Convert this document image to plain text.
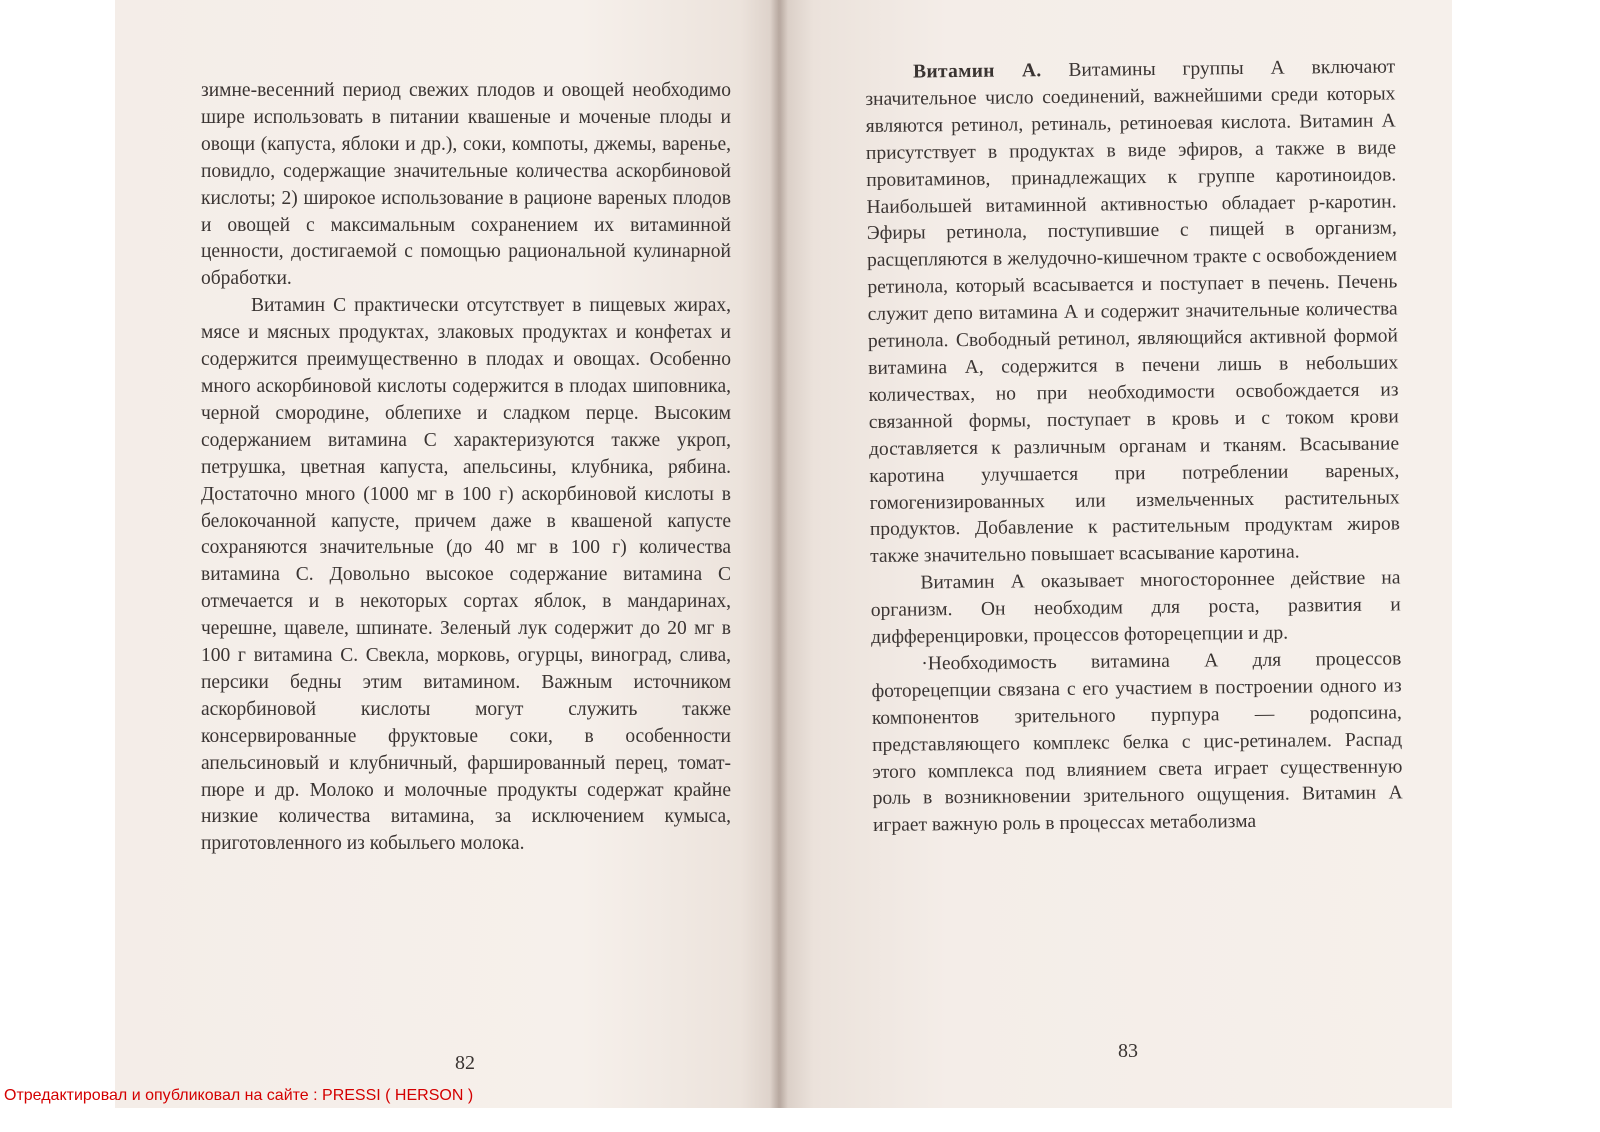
зимне-весенний период свежих плодов и овощей необходимо шире использовать в питании квашеные и моченые плоды и овощи (капуста, яблоки и др.), соки, компоты, джемы, варенье, повидло, содержащие значительные количества аскорбиновой кислоты; 2) широкое использование в рационе вареных плодов и овощей с максимальным сохранением их витаминной ценности, достигаемой с помощью рациональной кулинарной обработки.

Витамин С практически отсутствует в пищевых жирах, мясе и мясных продуктах, злаковых продуктах и конфетах и содержится преимущественно в плодах и овощах. Особенно много аскорбиновой кислоты содержится в плодах шиповника, черной смородине, облепихе и сладком перце. Высоким содержанием витамина С характеризуются также укроп, петрушка, цветная капуста, апельсины, клубника, рябина. Достаточно много (1000 мг в 100 г) аскорбиновой кислоты в белокочанной капусте, причем даже в квашеной капусте сохраняются значительные (до 40 мг в 100 г) количества витамина С. Довольно высокое содержание витамина С отмечается и в некоторых сортах яблок, в мандаринах, черешне, щавеле, шпинате. Зеленый лук содержит до 20 мг в 100 г витамина С. Свекла, морковь, огурцы, виноград, слива, персики бедны этим витамином. Важным источником аскорбиновой кислоты могут служить также консервированные фруктовые соки, в особенности апельсиновый и клубничный, фаршированный перец, томат-пюре и др. Молоко и молочные продукты содержат крайне низкие количества витамина, за исключением кумыса, приготовленного из кобыльего молока.

82

Витамин А. Витамины группы А включают значительное число соединений, важнейшими среди которых являются ретинол, ретиналь, ретиноевая кислота. Витамин А присутствует в продуктах в виде эфиров, а также в виде провитаминов, принадлежащих к группе каротиноидов. Наибольшей витаминной активностью обладает р-каротин. Эфиры ретинола, поступившие с пищей в организм, расщепляются в желудочно-кишечном тракте с освобождением ретинола, который всасывается и поступает в печень. Печень служит депо витамина А и содержит значительные количества ретинола. Свободный ретинол, являющийся активной формой витамина А, содержится в печени лишь в небольших количествах, но при необходимости освобождается из связанной формы, поступает в кровь и с током крови доставляется к различным органам и тканям. Всасывание каротина улучшается при потреблении вареных, гомогенизированных или измельченных растительных продуктов. Добавление к растительным продуктам жиров также значительно повышает всасывание каротина.

Витамин А оказывает многостороннее действие на организм. Он необходим для роста, развития и дифференцировки, процессов фоторецепции и др.

·Необходимость витамина А для процессов фоторецепции связана с его участием в построении одного из компонентов зрительного пурпура — родопсина, представляющего комплекс белка с цис-ретиналем. Распад этого комплекса под влиянием света играет существенную роль в возникновении зрительного ощущения. Витамин А играет важную роль в процессах метаболизма

83
Отредактировал и опубликовал на сайте : PRESSI ( HERSON )
